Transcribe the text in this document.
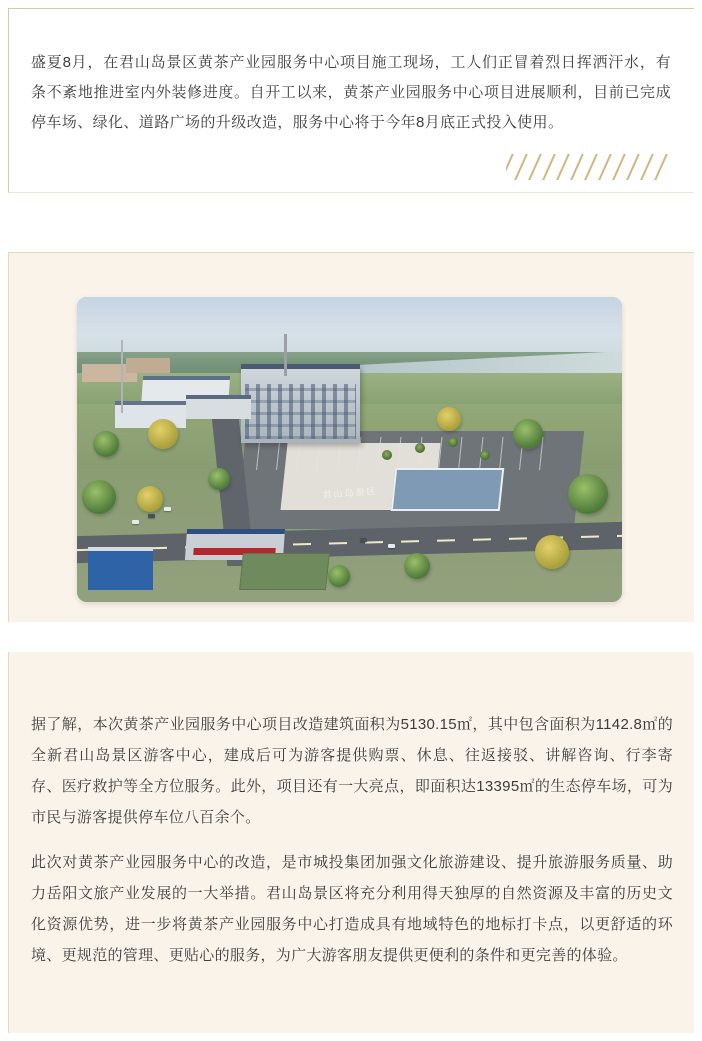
盛夏8月，在君山岛景区黄茶产业园服务中心项目施工现场，工人们正冒着烈日挥洒汗水，有条不紊地推进室内外装修进度。自开工以来，黄茶产业园服务中心项目进展顺利，目前已完成停车场、绿化、道路广场的升级改造，服务中心将于今年8月底正式投入使用。

君山岛景区

据了解，本次黄茶产业园服务中心项目改造建筑面积为5130.15㎡，其中包含面积为1142.8㎡的全新君山岛景区游客中心，建成后可为游客提供购票、休息、往返接驳、讲解咨询、行李寄存、医疗救护等全方位服务。此外，项目还有一大亮点，即面积达13395㎡的生态停车场，可为市民与游客提供停车位八百余个。

此次对黄茶产业园服务中心的改造，是市城投集团加强文化旅游建设、提升旅游服务质量、助力岳阳文旅产业发展的一大举措。君山岛景区将充分利用得天独厚的自然资源及丰富的历史文化资源优势，进一步将黄茶产业园服务中心打造成具有地域特色的地标打卡点，以更舒适的环境、更规范的管理、更贴心的服务，为广大游客朋友提供更便利的条件和更完善的体验。
